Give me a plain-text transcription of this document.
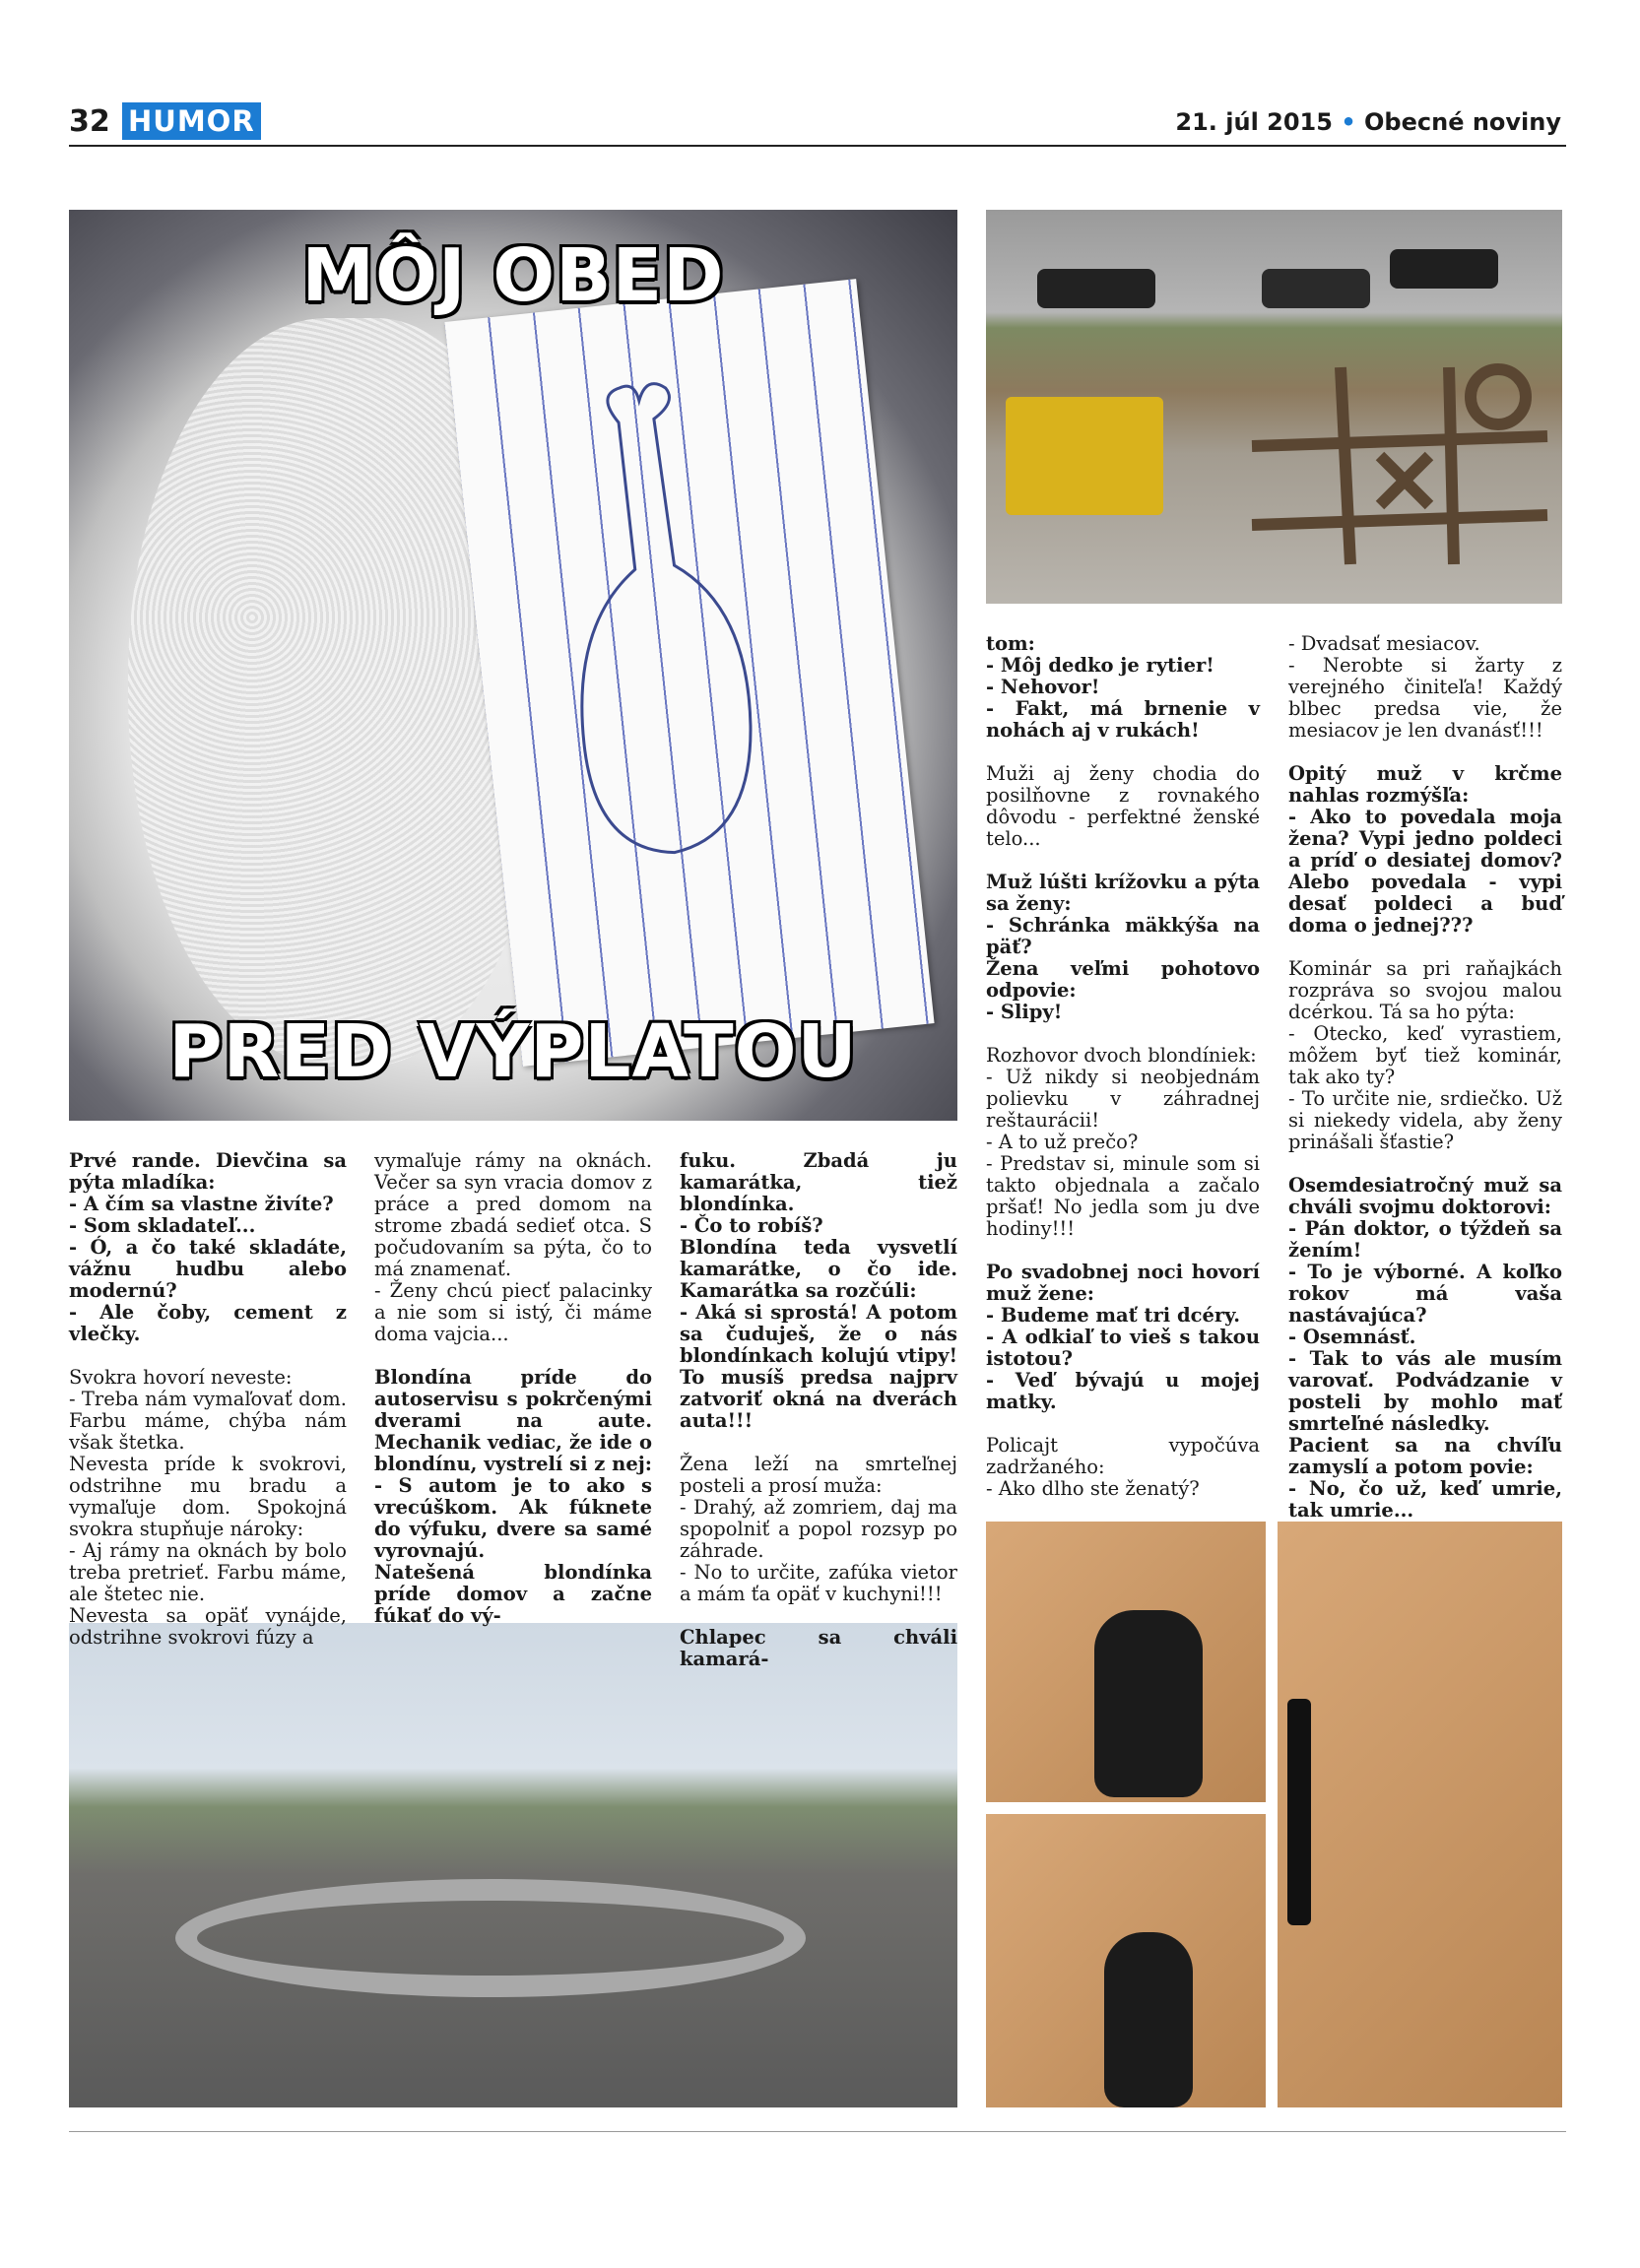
32 HUMOR	21. júl 2015 • Obecné noviny
MÔJ OBED
PRED VÝPLATOU

Prvé rande. Dievčina sa pýta mladíka:
- A čím sa vlastne živíte?
- Som skladateľ...
- Ó, a čo také skladáte, vážnu hudbu alebo modernú?
- Ale čoby, cement z vlečky.

Svokra hovorí neveste:
- Treba nám vymaľovať dom. Farbu máme, chýba nám však štetka.
Nevesta príde k svokrovi, odstrihne mu bradu a vymaľuje dom. Spokojná svokra stupňuje nároky:
- Aj rámy na oknách by bolo treba pretrieť. Farbu máme, ale štetec nie.
Nevesta sa opäť vynájde, odstrihne svokrovi fúzy a

vymaľuje rámy na oknách. Večer sa syn vracia domov z práce a pred domom na strome zbadá sedieť otca. S počudovaním sa pýta, čo to má znamenať.
- Ženy chcú piecť palacinky a nie som si istý, či máme doma vajcia...

Blondína príde do autoservisu s pokrčenými dverami na aute. Mechanik vediac, že ide o blondínu, vystrelí si z nej:
- S autom je to ako s vrecúškom. Ak fúknete do výfuku, dvere sa samé vyrovnajú.
Natešená blondínka príde domov a začne fúkať do vý-

fuku. Zbadá ju kamarátka, tiež blondínka.
- Čo to robíš?
Blondína teda vysvetlí kamarátke, o čo ide. Kamarátka sa rozčúli:
- Aká si sprostá! A potom sa čuduješ, že o nás blondínkach kolujú vtipy! To musíš predsa najprv zatvoriť okná na dverách auta!!!

Žena leží na smrteľnej posteli a prosí muža:
- Drahý, až zomriem, daj ma spopolniť a popol rozsyp po záhrade.
- No to určite, zafúka vietor a mám ťa opäť v kuchyni!!!

Chlapec sa chváli kamará-

tom:
- Môj dedko je rytier!
- Nehovor!
- Fakt, má brnenie v nohách aj v rukách!

Muži aj ženy chodia do posilňovne z rovnakého dôvodu - perfektné ženské telo...

Muž lúšti krížovku a pýta sa ženy:
- Schránka mäkkýša na päť?
Žena veľmi pohotovo odpovie:
- Slipy!

Rozhovor dvoch blondíniek:
- Už nikdy si neobjednám polievku v záhradnej reštaurácii!
- A to už prečo?
- Predstav si, minule som si takto objednala a začalo pršať! No jedla som ju dve hodiny!!!

Po svadobnej noci hovorí muž žene:
- Budeme mať tri dcéry.
- A odkiaľ to vieš s takou istotou?
- Veď bývajú u mojej matky.

Policajt vypočúva zadržaného:
- Ako dlho ste ženatý?

- Dvadsať mesiacov.
- Nerobte si žarty z verejného činiteľa! Každý blbec predsa vie, že mesiacov je len dvanásť!!!

Opitý muž v krčme nahlas rozmýšľa:
- Ako to povedala moja žena? Vypi jedno poldeci a príď o desiatej domov? Alebo povedala - vypi desať poldeci a buď doma o jednej???

Kominár sa pri raňajkách rozpráva so svojou malou dcérkou. Tá sa ho pýta:
- Otecko, keď vyrastiem, môžem byť tiež kominár, tak ako ty?
- To určite nie, srdiečko. Už si niekedy videla, aby ženy prinášali šťastie?

Osemdesiatročný muž sa chváli svojmu doktorovi:
- Pán doktor, o týždeň sa žením!
- To je výborné. A koľko rokov má vaša nastávajúca?
- Osemnásť.
- Tak to vás ale musím varovať. Podvádzanie v posteli by mohlo mať smrteľné následky.
Pacient sa na chvíľu zamyslí a potom povie:
- No, čo už, keď umrie, tak umrie...
